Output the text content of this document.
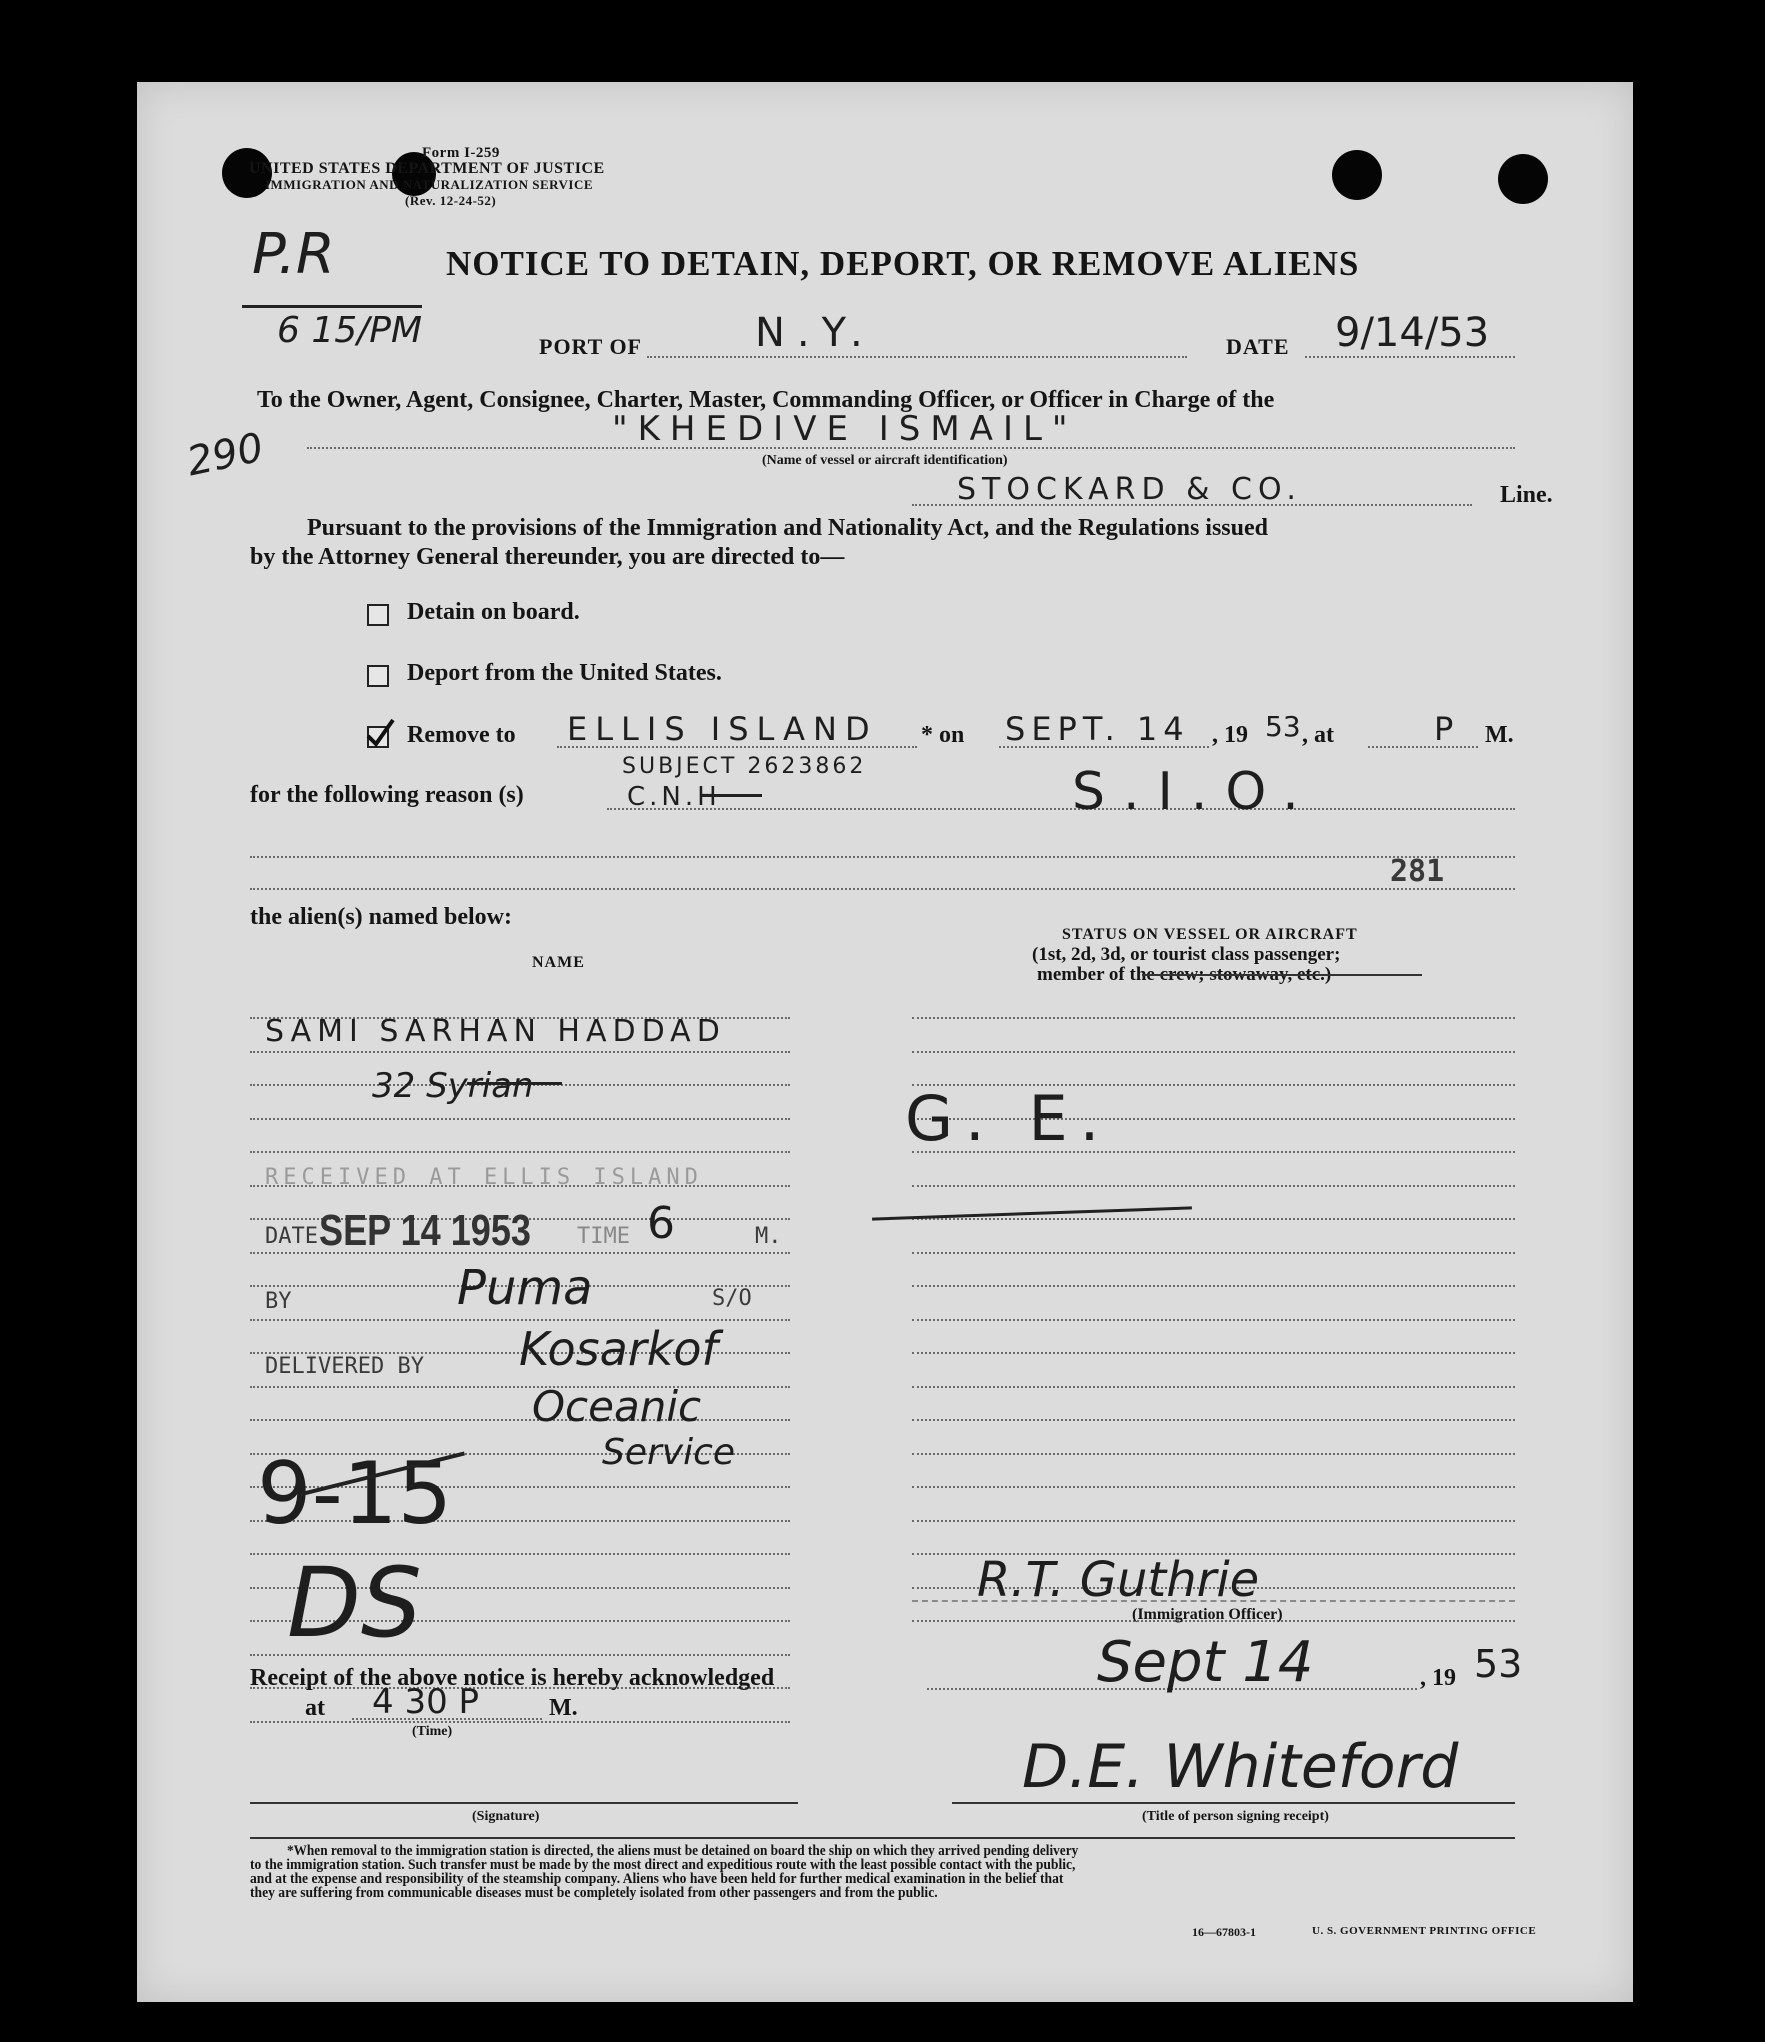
Form I-259
UNITED STATES DEPARTMENT OF JUSTICE
IMMIGRATION AND NATURALIZATION SERVICE
(Rev. 12-24-52)
NOTICE TO DETAIN, DEPORT, OR REMOVE ALIENS
P.R
6 15/PM
290
PORT OF	N.Y.	DATE 9/14/53
To the Owner, Agent, Consignee, Charter, Master, Commanding Officer, or Officer in Charge of the
"KHEDIVE ISMAIL"
(Name of vessel or aircraft identification)
STOCKARD & CO.	Line.
Pursuant to the provisions of the Immigration and Nationality Act, and the Regulations issued
by the Attorney General thereunder, you are directed to—
Detain on board.
Deport from the United States.
Remove to ELLIS ISLAND * on SEPT. 14 , 19 53 , at	P M.
for the following reason (s)
SUBJECT 2623862
C.N.H	S.I.O.
281
the alien(s) named below:
NAME
STATUS ON VESSEL OR AIRCRAFT
(1st, 2d, 3d, or tourist class passenger;
member of the crew; stowaway, etc.)
SAMI SARHAN HADDAD
32 Syrian	G. E.
RECEIVED AT ELLIS ISLAND
DATE SEP 14 1953 TIME 6	M.
BY	Puma	S/O
DELIVERED BY Kosarkof
Oceanic
Service
9-15
DS	R.T. Guthrie
(Immigration Officer)
Receipt of the above notice is hereby acknowledged	Sept 14	, 19 53
at 4 30 P	M.
(Time)
(Signature)
D.E. Whiteford
(Title of person signing receipt)
*When removal to the immigration station is directed, the aliens must be detained on board the ship on which they arrived pending delivery
to the immigration station. Such transfer must be made by the most direct and expeditious route with the least possible contact with the public,
and at the expense and responsibility of the steamship company. Aliens who have been held for further medical examination in the belief that
they are suffering from communicable diseases must be completely isolated from other passengers and from the public.
16—67803-1	U. S. GOVERNMENT PRINTING OFFICE
